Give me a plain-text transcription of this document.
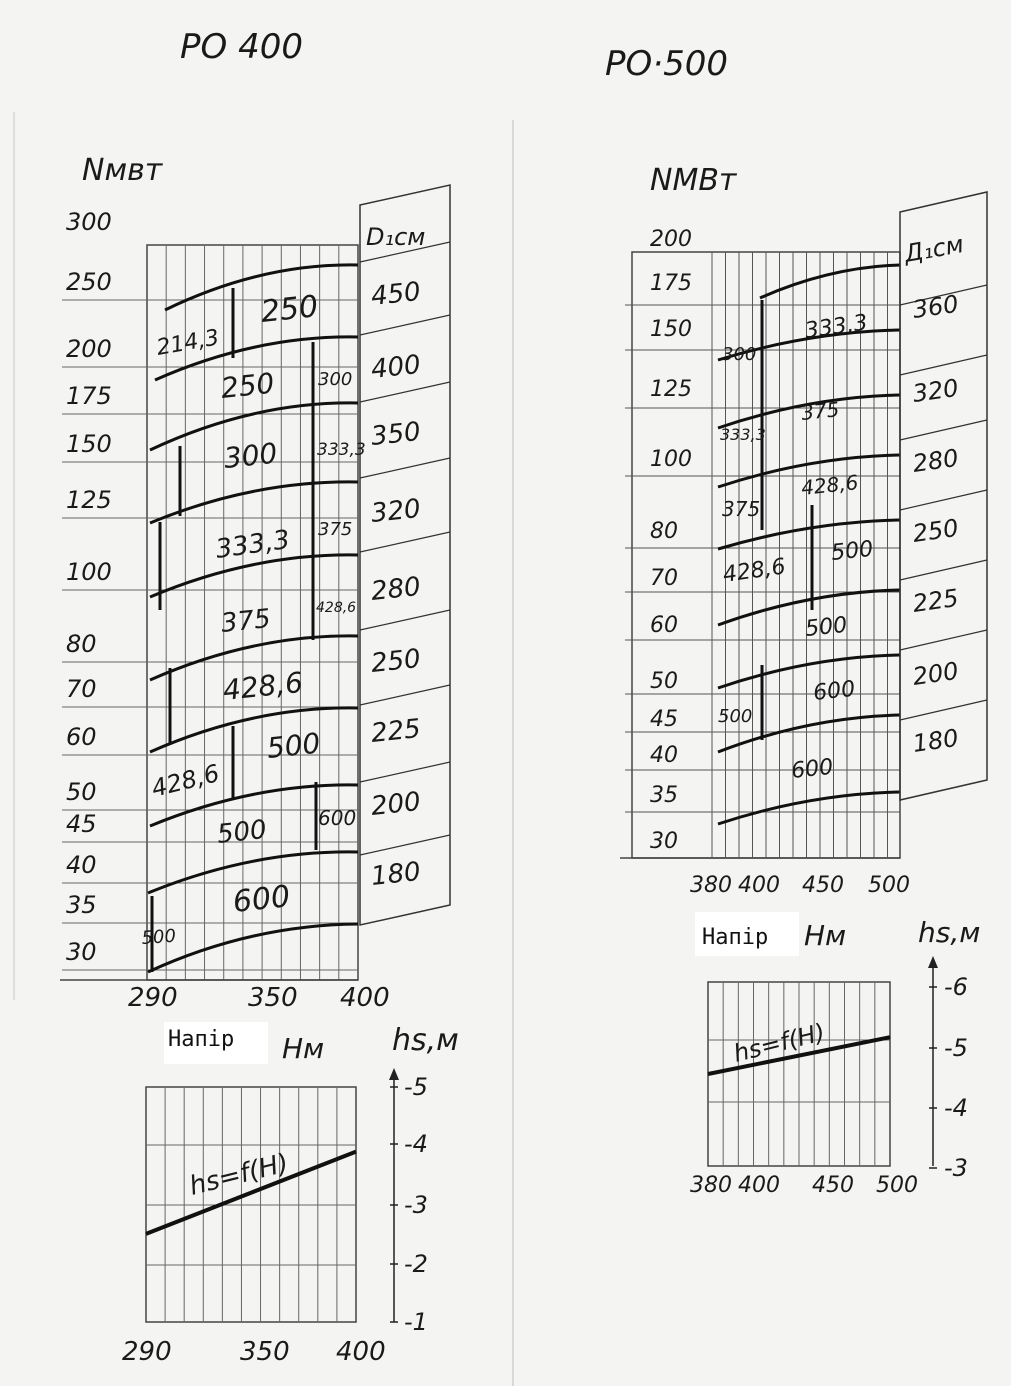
РО 400
Nмвт
300
250
200
175
150
125
100
80
70
60
50
45
40
35
30
290	350 400
D₁см
450
400
350
320
280
250
225
200
180
214,3
250
250 300
300 333,3
333,3 375
375	428,6
428,6
500
428,6
600
500
600
500
Напір Hм hs,м
hs=f(H)
-5
-4
-3
-2
-1
290	350 400
РО·500
NМВт
200
175
150
125
100
80
70
60
50
45
40
35
30
380 400 450 500
Д₁см
360
320
280
250
225
200
180
333,3
300
375
333,3
428,6
375
500
428,6
500
600
500
600
Напір Hм	hs,м
hs=f(H)
-6
-5
-4
-3
380 400 450 500
